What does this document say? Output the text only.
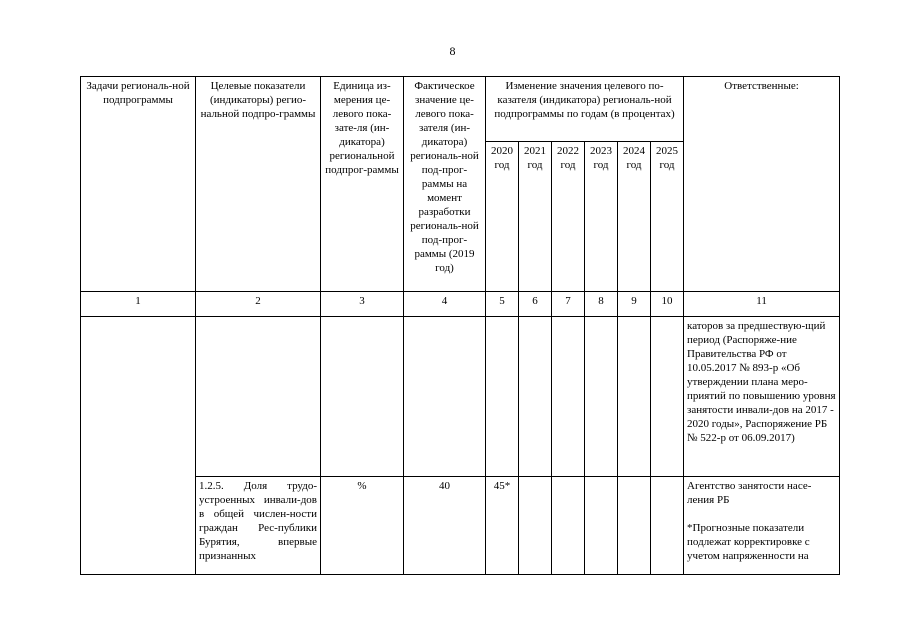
8
Задачи региональ-ной подпрограммы	Целевые показатели (индикаторы) регио-нальной подпро-граммы	Единица из-мерения це-левого пока-зате-ля (ин-дикатора) региональной подпрог-раммы	Фактическое значение це-левого пока-зателя (ин-дикатора) региональ-ной под-прог-раммы на момент разработки региональ-ной под-прог-раммы (2019 год)	Изменение значения целевого по-казателя (индикатора) региональ-ной подпрограммы по годам (в процентах)						Ответственные:
				2020 год	2021 год	2022 год	2023 год	2024 год	2025 год	
1	2	3	4	5	6	7	8	9	10	11
										каторов за предшествую-щий период (Распоряже-ние Правительства РФ от 10.05.2017 № 893-р «Об утверждении плана меро-приятий по повышению уровня занятости инвали-дов на 2017 - 2020 годы», Распоряжение РБ № 522-р от 06.09.2017)
	1.2.5. Доля трудо-устроенных инвали-дов в общей числен-ности граждан Рес-публики Бурятия, впервые признанных	%	40	45*						Агентство занятости насе-ления РБ
*Прогнозные показатели подлежат корректировке с учетом напряженности на
